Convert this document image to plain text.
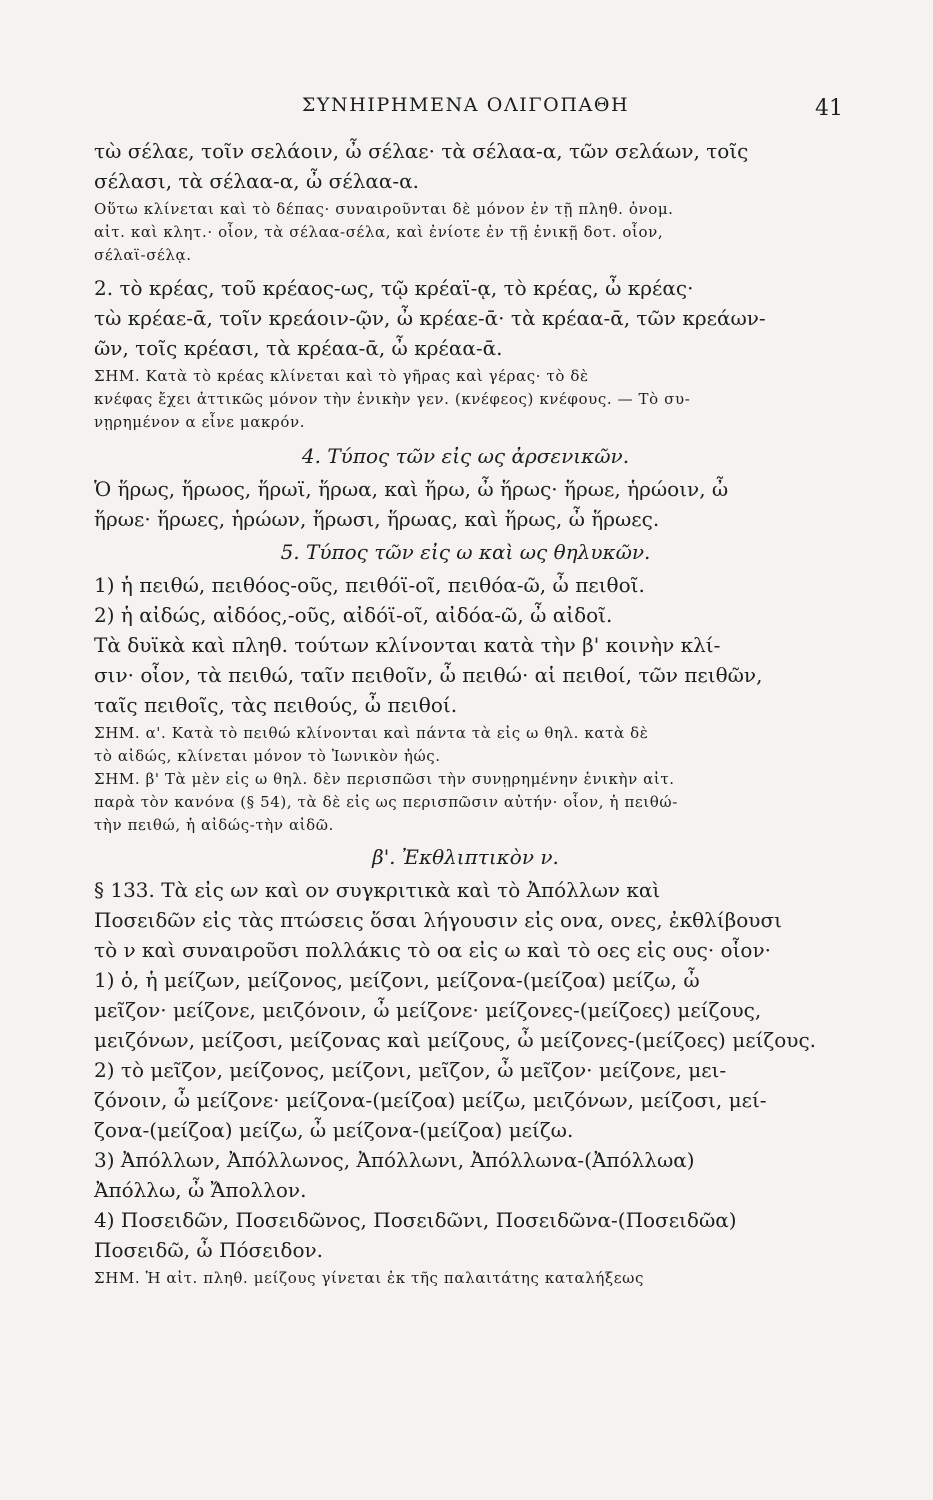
ΣΥΝΗΙΡΗΜΕΝΑ ΟΛΙΓΟΠΑΘΗ	41
τὼ σέλαε, τοῖν σελάοιν, ὦ σέλαε· τὰ σέλαα-α, τῶν σελάων, τοῖς
σέλασι, τὰ σέλαα-α, ὦ σέλαα-α.
Οὕτω κλίνεται καὶ τὸ δέπας· συναιροῦνται δὲ μόνον ἐν τῇ πληθ. ὀνομ.
αἰτ. καὶ κλητ.· οἷον, τὰ σέλαα-σέλα, καὶ ἐνίοτε ἐν τῇ ἑνικῇ δοτ. οἷον,
σέλαϊ-σέλᾳ.
2. τὸ κρέας, τοῦ κρέαος-ως, τῷ κρέαϊ-ᾳ, τὸ κρέας, ὦ κρέας·
τὼ κρέαε-ᾱ, τοῖν κρεάοιν-ῷν, ὦ κρέαε-ᾱ· τὰ κρέαα-ᾱ, τῶν κρεάων-
ῶν, τοῖς κρέασι, τὰ κρέαα-ᾱ, ὦ κρέαα-ᾱ.
ΣΗΜ. Κατὰ τὸ κρέας κλίνεται καὶ τὸ γῆρας καὶ γέρας· τὸ δὲ
κνέφας ἔχει ἀττικῶς μόνον τὴν ἑνικὴν γεν. (κνέφεος) κνέφους. — Τὸ συ-
νῃρημένον α εἶνε μακρόν.
4. Τύπος τῶν εἰς ως ἀρσενικῶν.
Ὁ ἥρως, ἥρωος, ἥρωϊ, ἥρωα, καὶ ἥρω, ὦ ἥρως· ἥρωε, ἡρώοιν, ὦ
ἥρωε· ἥρωες, ἡρώων, ἥρωσι, ἥρωας, καὶ ἥρως, ὦ ἥρωες.
5. Τύπος τῶν εἰς ω καὶ ως θηλυκῶν.
1) ἡ πειθώ, πειθόος-οῦς, πειθόϊ-οῖ, πειθόα-ῶ, ὦ πειθοῖ.
2) ἡ αἰδώς, αἰδόος,-οῦς, αἰδόϊ-οῖ, αἰδόα-ῶ, ὦ αἰδοῖ.
Τὰ δυϊκὰ καὶ πληθ. τούτων κλίνονται κατὰ τὴν β' κοινὴν κλί-
σιν· οἷον, τὰ πειθώ, ταῖν πειθοῖν, ὦ πειθώ· αἱ πειθοί, τῶν πειθῶν,
ταῖς πειθοῖς, τὰς πειθούς, ὦ πειθοί.
ΣΗΜ. α'. Κατὰ τὸ πειθώ κλίνονται καὶ πάντα τὰ εἰς ω θηλ. κατὰ δὲ
τὸ αἰδώς, κλίνεται μόνον τὸ Ἰωνικὸν ἠώς.
ΣΗΜ. β' Τὰ μὲν εἰς ω θηλ. δὲν περισπῶσι τὴν συνῃρημένην ἑνικὴν αἰτ.
παρὰ τὸν κανόνα (§ 54), τὰ δὲ εἰς ως περισπῶσιν αὐτήν· οἷον, ἡ πειθώ-
τὴν πειθώ, ἡ αἰδώς-τὴν αἰδῶ.
β'. Ἐκθλιπτικὸν ν.
§ 133. Τὰ εἰς ων καὶ ον συγκριτικὰ καὶ τὸ Ἀπόλλων καὶ
Ποσειδῶν εἰς τὰς πτώσεις ὅσαι λήγουσιν εἰς ονα, ονες, ἐκθλίβουσι
τὸ ν καὶ συναιροῦσι πολλάκις τὸ οα εἰς ω καὶ τὸ οες εἰς ους· οἷον·
1) ὁ, ἡ μείζων, μείζονος, μείζονι, μείζονα-(μείζοα) μείζω, ὦ
μεῖζον· μείζονε, μειζόνοιν, ὦ μείζονε· μείζονες-(μείζοες) μείζους,
μειζόνων, μείζοσι, μείζονας καὶ μείζους, ὦ μείζονες-(μείζοες) μείζους.
2) τὸ μεῖζον, μείζονος, μείζονι, μεῖζον, ὦ μεῖζον· μείζονε, μει-
ζόνοιν, ὦ μείζονε· μείζονα-(μείζοα) μείζω, μειζόνων, μείζοσι, μεί-
ζονα-(μείζοα) μείζω, ὦ μείζονα-(μείζοα) μείζω.
3) Ἀπόλλων, Ἀπόλλωνος, Ἀπόλλωνι, Ἀπόλλωνα-(Ἀπόλλωα)
Ἀπόλλω, ὦ Ἄπολλον.
4) Ποσειδῶν, Ποσειδῶνος, Ποσειδῶνι, Ποσειδῶνα-(Ποσειδῶα)
Ποσειδῶ, ὦ Πόσειδον.
ΣΗΜ. Ἡ αἰτ. πληθ. μείζους γίνεται ἐκ τῆς παλαιτάτης καταλήξεως
